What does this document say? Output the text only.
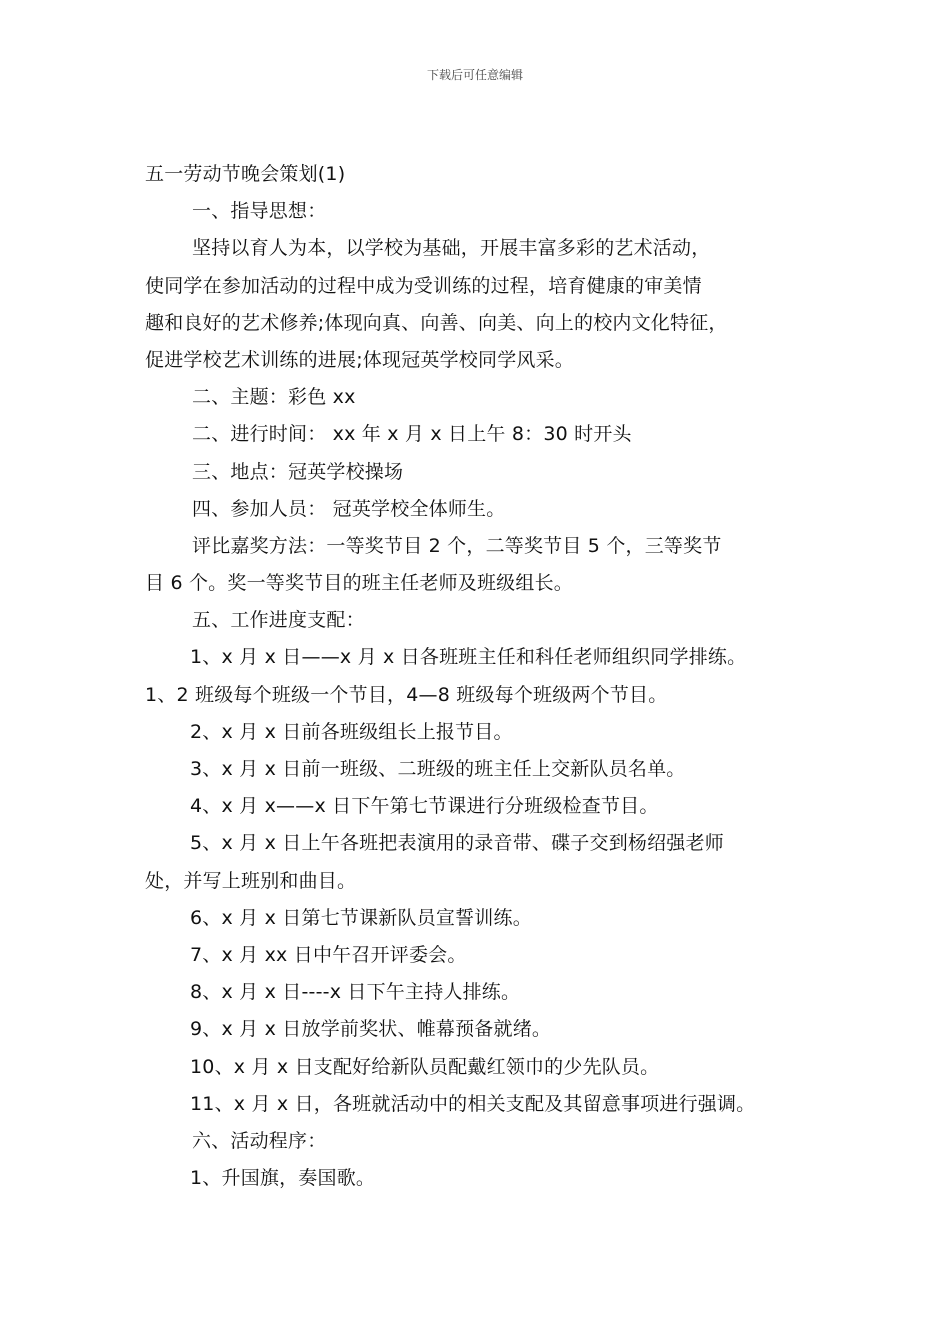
下载后可任意编辑
五一劳动节晚会策划(1)
一、指导思想：
坚持以育人为本，以学校为基础，开展丰富多彩的艺术活动，
使同学在参加活动的过程中成为受训练的过程，培育健康的审美情
趣和良好的艺术修养;体现向真、向善、向美、向上的校内文化特征，
促进学校艺术训练的进展;体现冠英学校同学风采。
二、主题：彩色 xx
二、进行时间： xx 年 x 月 x 日上午 8：30 时开头
三、地点：冠英学校操场
四、参加人员： 冠英学校全体师生。
评比嘉奖方法：一等奖节目 2 个，二等奖节目 5 个，三等奖节
目 6 个。奖一等奖节目的班主任老师及班级组长。
五、工作进度支配：
1、x 月 x 日——x 月 x 日各班班主任和科任老师组织同学排练。
1、2 班级每个班级一个节目，4—8 班级每个班级两个节目。
2、x 月 x 日前各班级组长上报节目。
3、x 月 x 日前一班级、二班级的班主任上交新队员名单。
4、x 月 x——x 日下午第七节课进行分班级检查节目。
5、x 月 x 日上午各班把表演用的录音带、碟子交到杨绍强老师
处，并写上班别和曲目。
6、x 月 x 日第七节课新队员宣誓训练。
7、x 月 xx 日中午召开评委会。
8、x 月 x 日----x 日下午主持人排练。
9、x 月 x 日放学前奖状、帷幕预备就绪。
10、x 月 x 日支配好给新队员配戴红领巾的少先队员。
11、x 月 x 日，各班就活动中的相关支配及其留意事项进行强调。
六、活动程序：
1、升国旗，奏国歌。
